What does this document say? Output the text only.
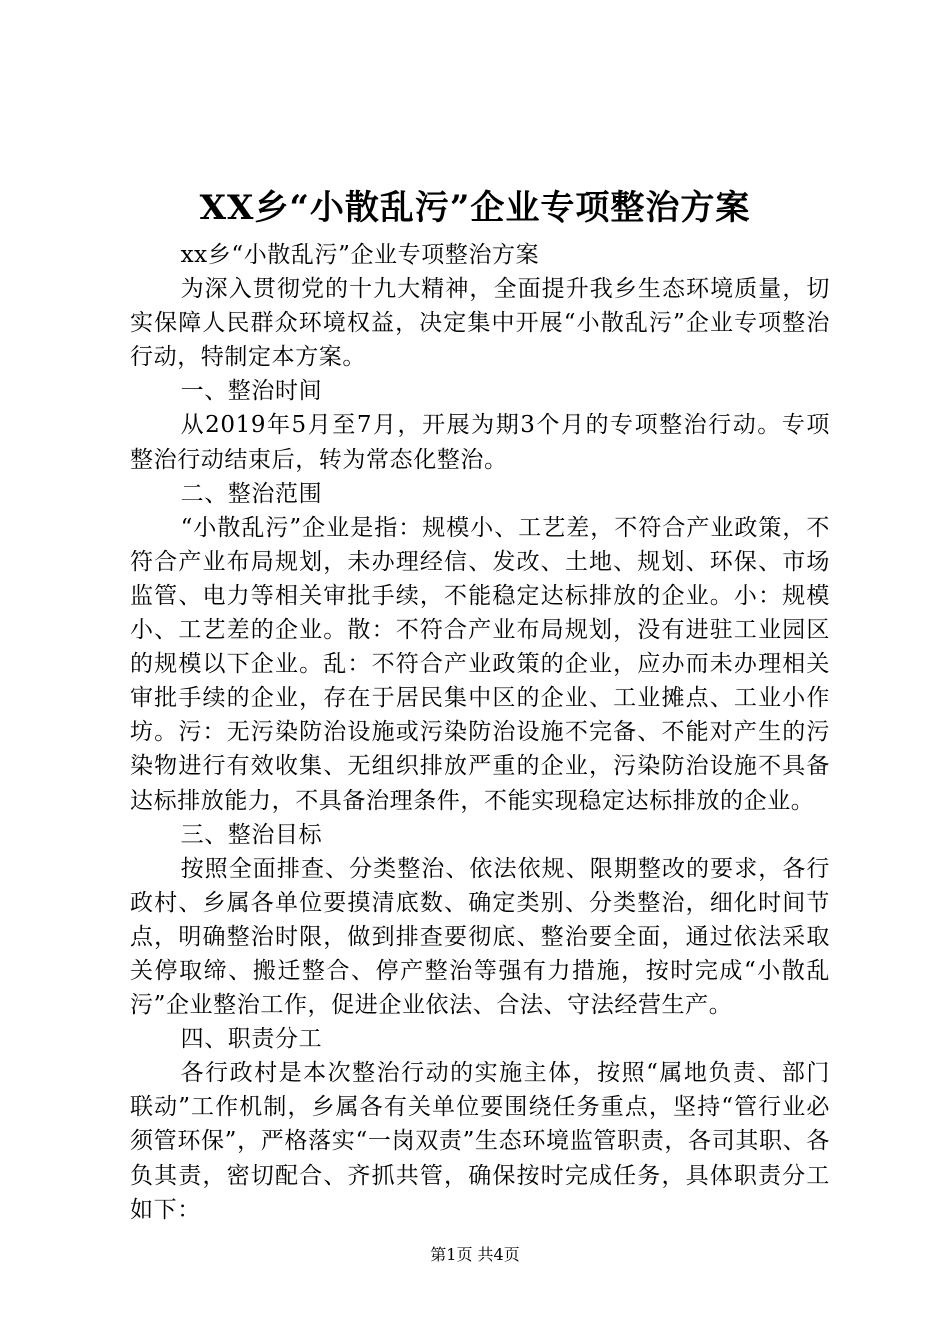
XX乡“小散乱污”企业专项整治方案

xx乡“小散乱污”企业专项整治方案

为深入贯彻党的十九大精神，全面提升我乡生态环境质量，切实保障人民群众环境权益，决定集中开展“小散乱污”企业专项整治行动，特制定本方案。

一、整治时间

从2019年5月至7月，开展为期3个月的专项整治行动。专项整治行动结束后，转为常态化整治。

二、整治范围

“小散乱污”企业是指：规模小、工艺差，不符合产业政策，不符合产业布局规划，未办理经信、发改、土地、规划、环保、市场监管、电力等相关审批手续，不能稳定达标排放的企业。小：规模小、工艺差的企业。散：不符合产业布局规划，没有进驻工业园区的规模以下企业。乱：不符合产业政策的企业，应办而未办理相关审批手续的企业，存在于居民集中区的企业、工业摊点、工业小作坊。污：无污染防治设施或污染防治设施不完备、不能对产生的污染物进行有效收集、无组织排放严重的企业，污染防治设施不具备达标排放能力，不具备治理条件，不能实现稳定达标排放的企业。

三、整治目标

按照全面排查、分类整治、依法依规、限期整改的要求，各行政村、乡属各单位要摸清底数、确定类别、分类整治，细化时间节点，明确整治时限，做到排查要彻底、整治要全面，通过依法采取关停取缔、搬迁整合、停产整治等强有力措施，按时完成“小散乱污”企业整治工作，促进企业依法、合法、守法经营生产。

四、职责分工

各行政村是本次整治行动的实施主体，按照“属地负责、部门联动”工作机制，乡属各有关单位要围绕任务重点，坚持“管行业必须管环保”，严格落实“一岗双责”生态环境监管职责，各司其职、各负其责，密切配合、齐抓共管，确保按时完成任务，具体职责分工如下：

第1页 共4页
